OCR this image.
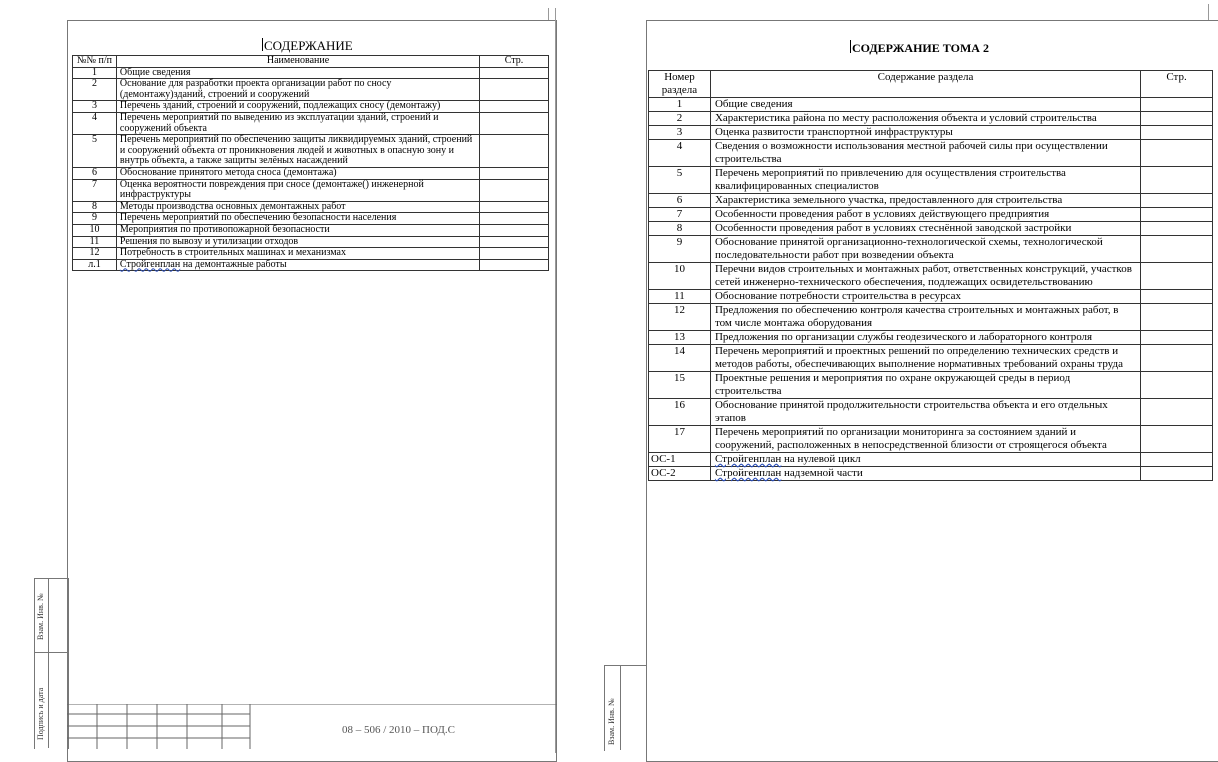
СОДЕРЖАНИЕ
№№ п/п	Наименование	Стр.
1	Общие сведения	
2	Основание для разработки проекта организации работ по сносу (демонтажу)зданий, строений и сооружений	
3	Перечень зданий, строений и сооружений, подлежащих сносу (демонтажу)	
4	Перечень мероприятий по выведению из эксплуатации зданий, строений и сооружений объекта	
5	Перечень мероприятий по обеспечению защиты ликвидируемых зданий, строений и сооружений объекта от проникновения людей и животных в опасную зону и внутрь объекта, а также защиты зелёных насаждений	
6	Обоснование принятого метода сноса (демонтажа)	
7	Оценка вероятности повреждения при сносе (демонтаже() инженерной инфраструктуры	
8	Методы производства основных демонтажных работ	
9	Перечень мероприятий по обеспечению безопасности населения	
10	Мероприятия по противопожарной безопасности	
11	Решения по вывозу и утилизации отходов	
12	Потребность в строительных машинах и механизмах	
л.1	Стройгенплан на демонтажные работы	
Взам. Инв. №
Подпись и дата	08 – 506 / 2010 – ПОД.С
СОДЕРЖАНИЕ ТОМА 2
Номер раздела	Содержание раздела	Стр.
1	Общие сведения	
2	Характеристика района по месту расположения объекта и условий строительства	
3	Оценка развитости транспортной инфраструктуры	
4	Сведения о возможности использования местной рабочей силы при осуществлении строительства	
5	Перечень мероприятий по привлечению для осуществления строительства квалифицированных специалистов	
6	Характеристика земельного участка, предоставленного для строительства	
7	Особенности проведения работ в условиях действующего предприятия	
8	Особенности проведения работ в условиях стеснённой заводской застройки	
9	Обоснование принятой организационно-технологической схемы, технологической последовательности работ при возведении объекта	
10	Перечни видов строительных и монтажных работ, ответственных конструкций, участков сетей инженерно-технического обеспечения, подлежащих освидетельствованию	
11	Обоснование потребности строительства в ресурсах	
12	Предложения по обеспечению контроля качества строительных и монтажных работ, в том числе монтажа оборудования	
13	Предложения по организации службы геодезического и лабораторного контроля	
14	Перечень мероприятий и проектных решений по определению технических средств и методов работы, обеспечивающих выполнение нормативных требований охраны труда	
15	Проектные решения и мероприятия по охране окружающей среды в период строительства	
16	Обоснование принятой продолжительности строительства объекта и его отдельных этапов	
17	Перечень мероприятий по организации мониторинга за состоянием зданий и сооружений, расположенных в непосредственной близости от строящегося объекта	
ОС-1	Стройгенплан на нулевой цикл	
ОС-2	Стройгенплан надземной части	
Взам. Инв. №
